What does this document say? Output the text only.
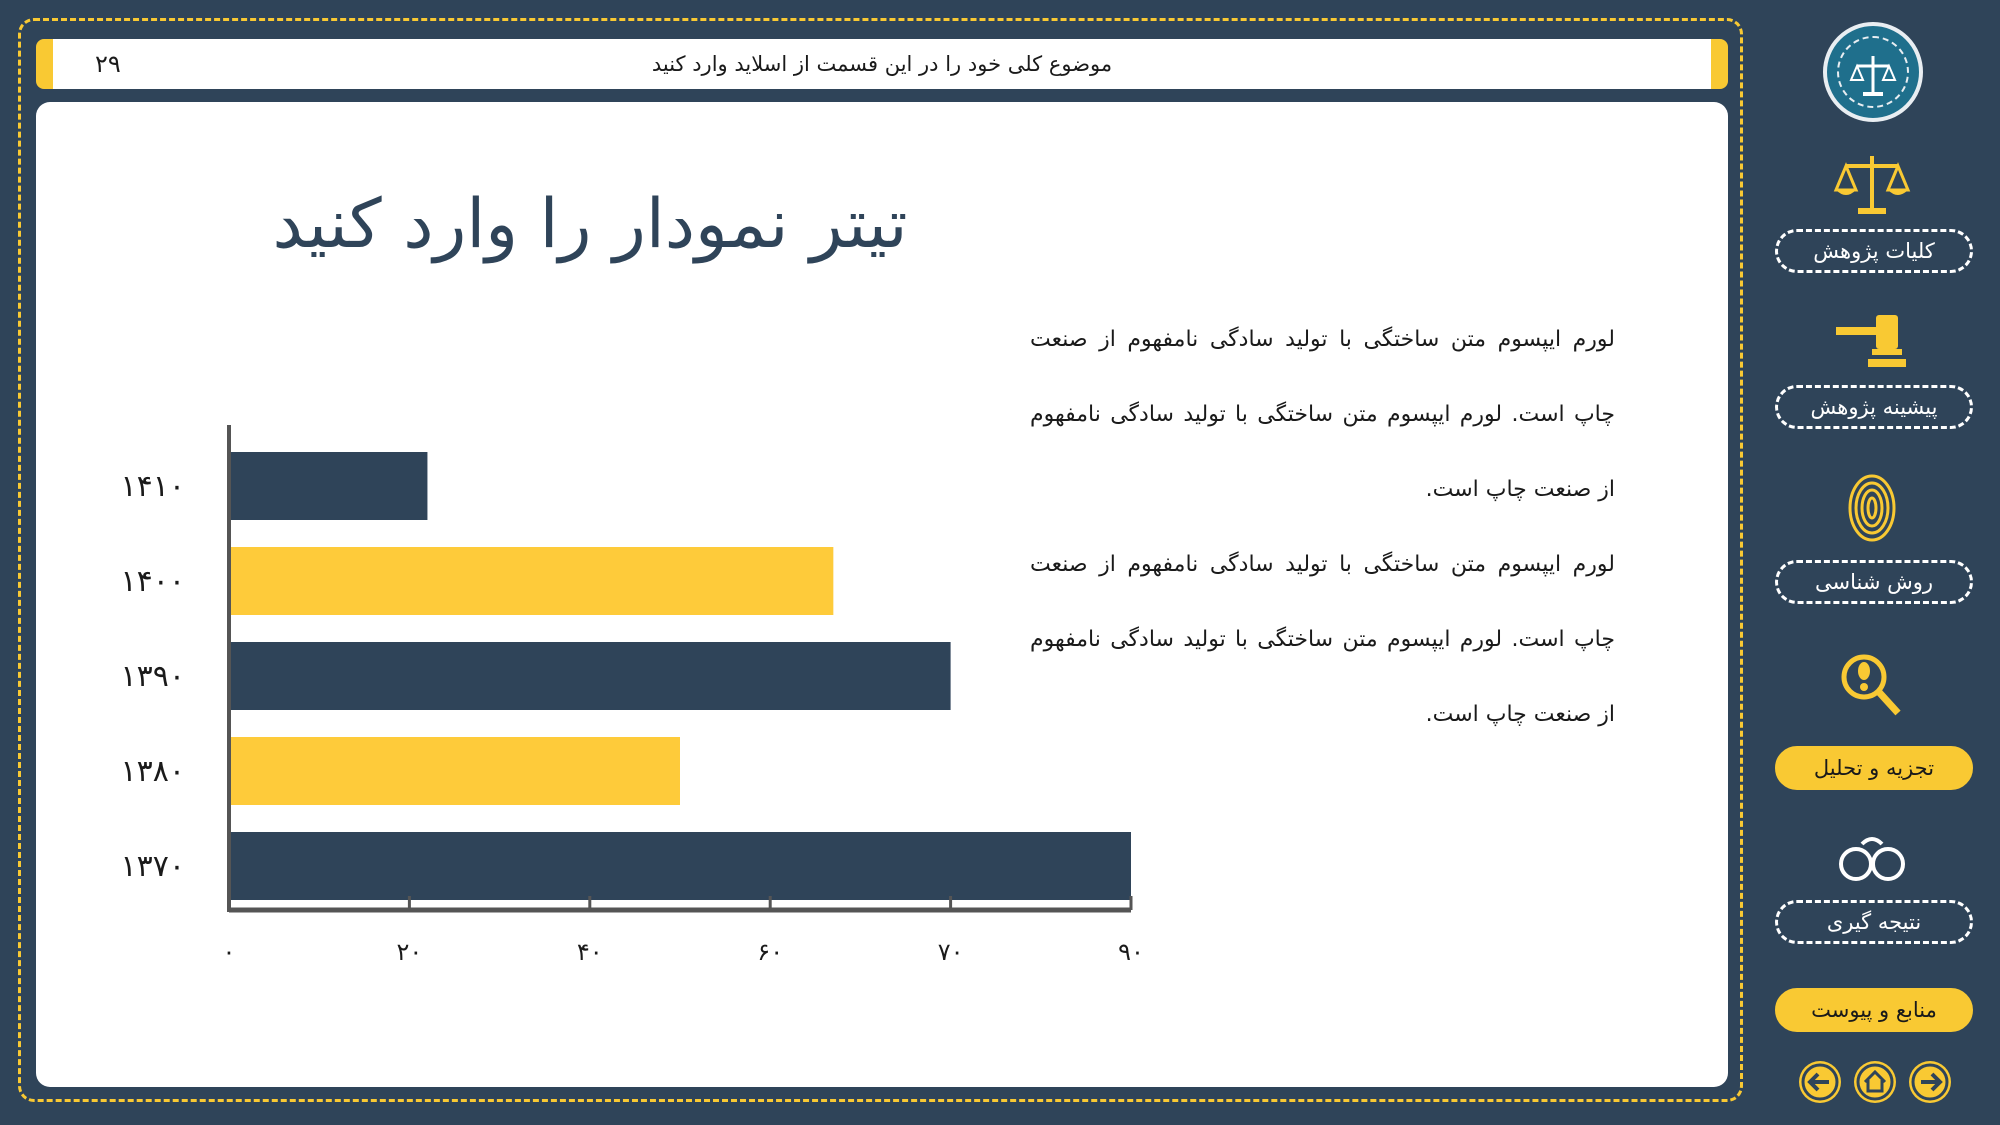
۲۹	موضوع کلی خود را در این قسمت از اسلاید وارد کنید
تیتر نمودار را وارد کنید

لورم ایپسوم متن ساختگی با تولید سادگی نامفهوم از صنعت چاپ است. لورم ایپسوم متن ساختگی با تولید سادگی نامفهوم از صنعت چاپ است.

لورم ایپسوم متن ساختگی با تولید سادگی نامفهوم از صنعت چاپ است. لورم ایپسوم متن ساختگی با تولید سادگی نامفهوم از صنعت چاپ است.

۱۴۱۰
۱۴۰۰
۱۳۹۰
۱۳۸۰
۱۳۷۰
۰	۲۰	۴۰	۶۰	۷۰	۹۰
کلیات پژوهش
پیشینه پژوهش
روش شناسی
تجزیه و تحلیل
نتیجه گیری
منابع و پیوست
